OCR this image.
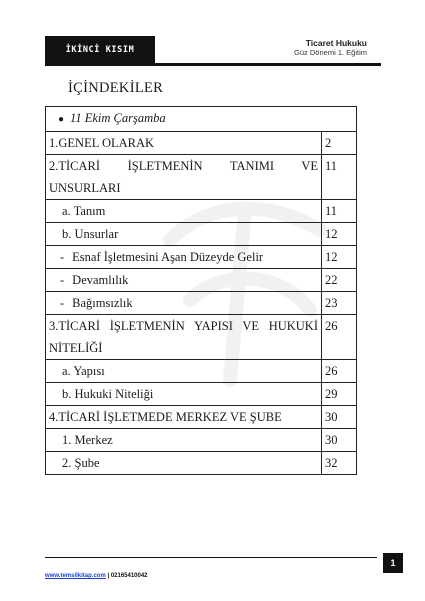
İKİNCİ KISIM
Ticaret Hukuku
Güz Dönemi 1. Eğitim
İÇİNDEKİLER
● 11 Ekim Çarşamba	
1.GENEL OLARAK	2
2.TİCARİ İŞLETMENİN TANIMI VE UNSURLARI	11
a. Tanım	11
b. Unsurlar	12
- Esnaf İşletmesini Aşan Düzeyde Gelir	12
- Devamlılık	22
- Bağımsızlık	23
3.TİCARİ İŞLETMENİN YAPISI VE HUKUKİ NİTELİĞİ	26
a. Yapısı	26
b. Hukuki Niteliği	29
4.TİCARİ İŞLETMEDE MERKEZ VE ŞUBE	30
1. Merkez	30
2. Şube	32
1
www.temsilkitap.com | 02165410042
